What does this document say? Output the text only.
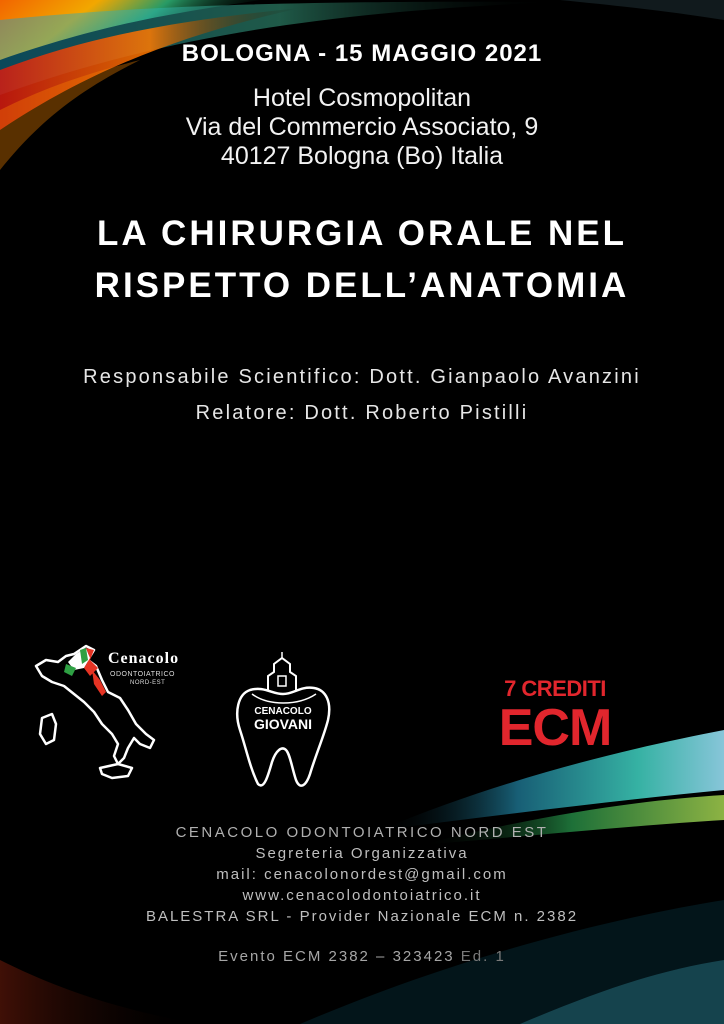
BOLOGNA - 15 MAGGIO 2021
Hotel Cosmopolitan
Via del Commercio Associato, 9
40127 Bologna (Bo) Italia
LA CHIRURGIA ORALE NEL
RISPETTO DELL’ANATOMIA
Responsabile Scientifico: Dott. Gianpaolo Avanzini
Relatore: Dott. Roberto Pistilli
Cenacolo
ODONTOIATRICO
NORD-EST
CENACOLO
GIOVANI
7 CREDITI
ECM
CENACOLO ODONTOIATRICO NORD EST
Segreteria Organizzativa
mail: cenacolonordest@gmail.com
www.cenacolodontoiatrico.it
BALESTRA SRL - Provider Nazionale ECM n. 2382
Evento ECM 2382 – 323423 Ed. 1
